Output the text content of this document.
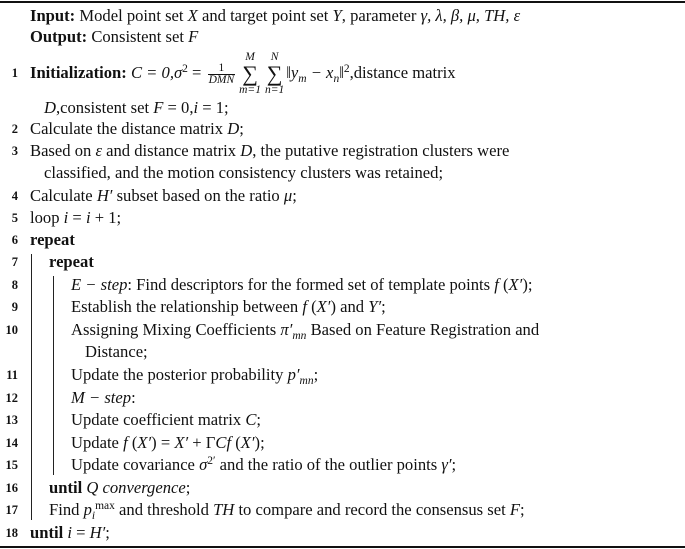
Input: Model point set X and target point set Y, parameter γ, λ, β, μ, TH, ε
Output: Consistent set F
1 Initialization: $C = 0,\sigma^2 = \frac{1}{\text{DMN}}$
M
∑
m=1
N
∑
n=1
$‖y_m$ − $x_n‖^2,distance$ matrix
D,consistent set F = 0,i = 1;
2 Calculate the distance matrix D;
3 Based on ε and distance matrix D, the putative registration clusters were
classified, and the motion consistency clusters was retained;
4 Calculate H′ subset based on the ratio μ;
5 loop i = i + 1;
6 repeat
7 repeat
8	E − step: Find descriptors for the formed set of template points f (X′);
9	Establish the relationship between f (X′) and Y′;
10	Assigning Mixing Coefficients $\pi'_{mn}$ Based on Feature Registration and
Distance;
11	Update the posterior probability $p'_{mn}$;
12	M − step:
13	Update coefficient matrix C;
14	Update f (X′) = X′ + ΓCf (X′);
15	Update covariance $\sigma^{2'}$ and the ratio of the outlier points γ′;
16 until Q convergence;
17 Find $p_i^{max}$ and threshold TH to compare and record the consensus set F;
18 until i = H′;
